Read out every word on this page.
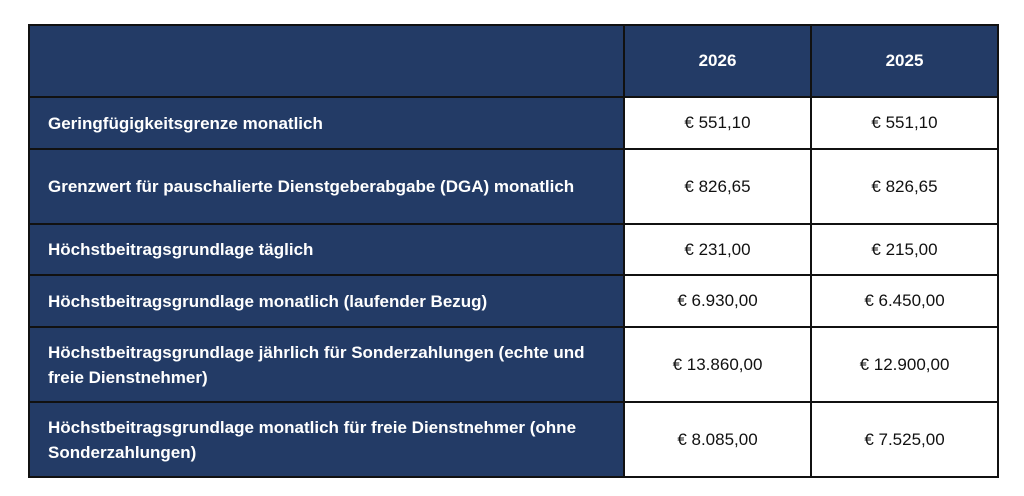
	2026	2025
Geringfügigkeitsgrenze monatlich	€ 551,10	€ 551,10
Grenzwert für pauschalierte Dienstgeberabgabe (DGA) monatlich	€ 826,65	€ 826,65
Höchstbeitragsgrundlage täglich	€ 231,00	€ 215,00
Höchstbeitragsgrundlage monatlich (laufender Bezug)	€ 6.930,00	€ 6.450,00
Höchstbeitragsgrundlage jährlich für Sonderzahlungen (echte und freie Dienstnehmer)	€ 13.860,00	€ 12.900,00
Höchstbeitragsgrundlage monatlich für freie Dienstnehmer (ohne Sonderzahlungen)	€ 8.085,00	€ 7.525,00
